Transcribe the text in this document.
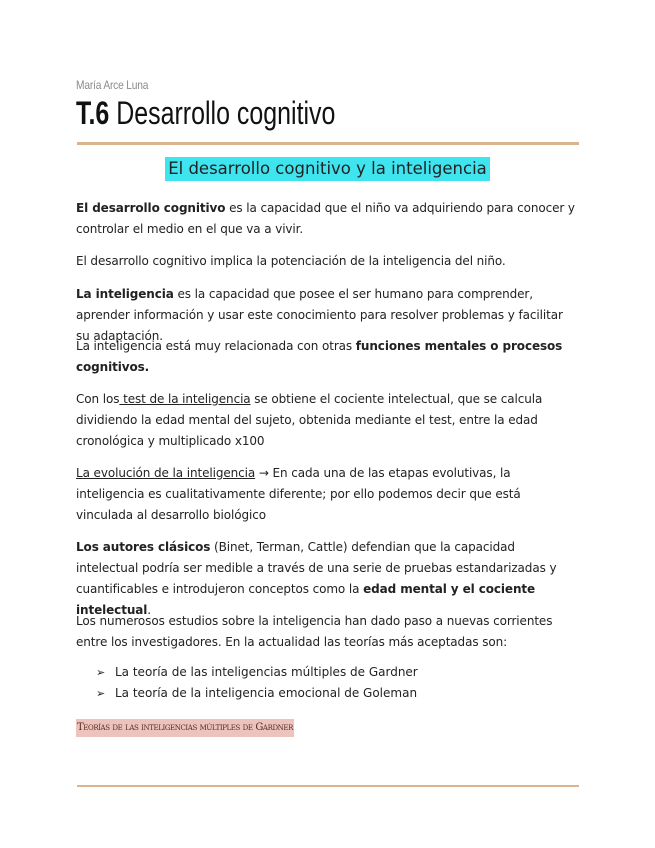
María Arce Luna
T.6 Desarrollo cognitivo
El desarrollo cognitivo y la inteligencia

El desarrollo cognitivo es la capacidad que el niño va adquiriendo para conocer y controlar el medio en el que va a vivir.

El desarrollo cognitivo implica la potenciación de la inteligencia del niño.

La inteligencia es la capacidad que posee el ser humano para comprender, aprender información y usar este conocimiento para resolver problemas y facilitar su adaptación.

La inteligencia está muy relacionada con otras funciones mentales o procesos cognitivos.

Con los test de la inteligencia se obtiene el cociente intelectual, que se calcula dividiendo la edad mental del sujeto, obtenida mediante el test, entre la edad cronológica y multiplicado x100

La evolución de la inteligencia → En cada una de las etapas evolutivas, la inteligencia es cualitativamente diferente; por ello podemos decir que está vinculada al desarrollo biológico

Los autores clásicos (Binet, Terman, Cattle) defendian que la capacidad intelectual podría ser medible a través de una serie de pruebas estandarizadas y cuantificables e introdujeron conceptos como la edad mental y el cociente intelectual.

Los numerosos estudios sobre la inteligencia han dado paso a nuevas corrientes entre los investigadores. En la actualidad las teorías más aceptadas son:

➢ La teoría de las inteligencias múltiples de Gardner
➢ La teoría de la inteligencia emocional de Goleman
Teorías de las inteligencias múltiples de Gardner
